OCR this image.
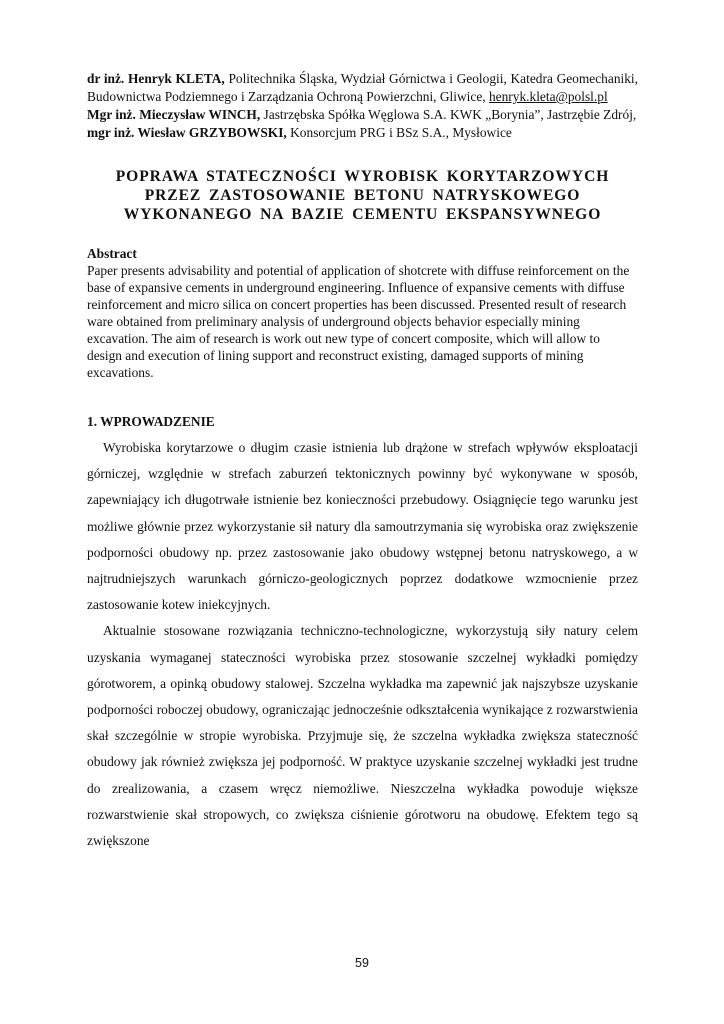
dr inż. Henryk KLETA, Politechnika Śląska, Wydział Górnictwa i Geologii, Katedra Geomechaniki, Budownictwa Podziemnego i Zarządzania Ochroną Powierzchni, Gliwice, henryk.kleta@polsl.pl

Mgr inż. Mieczysław WINCH, Jastrzębska Spółka Węglowa S.A. KWK „Borynia”, Jastrzębie Zdrój,

mgr inż. Wiesław GRZYBOWSKI, Konsorcjum PRG i BSz S.A., Mysłowice

POPRAWA STATECZNOŚCI WYROBISK KORYTARZOWYCH
PRZEZ ZASTOSOWANIE BETONU NATRYSKOWEGO
WYKONANEGO NA BAZIE CEMENTU EKSPANSYWNEGO
Abstract

Paper presents advisability and potential of application of shotcrete with diffuse reinforcement on the base of expansive cements in underground engineering. Influence of expansive cements with diffuse reinforcement and micro silica on concert properties has been discussed. Presented result of research ware obtained from preliminary analysis of underground objects behavior especially mining excavation. The aim of research is work out new type of concert composite, which will allow to design and execution of lining support and reconstruct existing, damaged supports of mining excavations.

1. WPROWADZENIE

Wyrobiska korytarzowe o długim czasie istnienia lub drążone w strefach wpływów eksploatacji górniczej, względnie w strefach zaburzeń tektonicznych powinny być wykonywane w sposób, zapewniający ich długotrwałe istnienie bez konieczności przebudowy. Osiągnięcie tego warunku jest możliwe głównie przez wykorzystanie sił natury dla samoutrzymania się wyrobiska oraz zwiększenie podporności obudowy np. przez zastosowanie jako obudowy wstępnej betonu natryskowego, a w najtrudniejszych warunkach górniczo-geologicznych poprzez dodatkowe wzmocnienie przez zastosowanie kotew iniekcyjnych.

Aktualnie stosowane rozwiązania techniczno-technologiczne, wykorzystują siły natury celem uzyskania wymaganej stateczności wyrobiska przez stosowanie szczelnej wykładki pomiędzy górotworem, a opinką obudowy stalowej. Szczelna wykładka ma zapewnić jak najszybsze uzyskanie podporności roboczej obudowy, ograniczając jednocześnie odkształcenia wynikające z rozwarstwienia skał szczególnie w stropie wyrobiska. Przyjmuje się, że szczelna wykładka zwiększa stateczność obudowy jak również zwiększa jej podporność. W praktyce uzyskanie szczelnej wykładki jest trudne do zrealizowania, a czasem wręcz niemożliwe. Nieszczelna wykładka powoduje większe rozwarstwienie skał stropowych, co zwiększa ciśnienie górotworu na obudowę. Efektem tego są zwiększone

59
